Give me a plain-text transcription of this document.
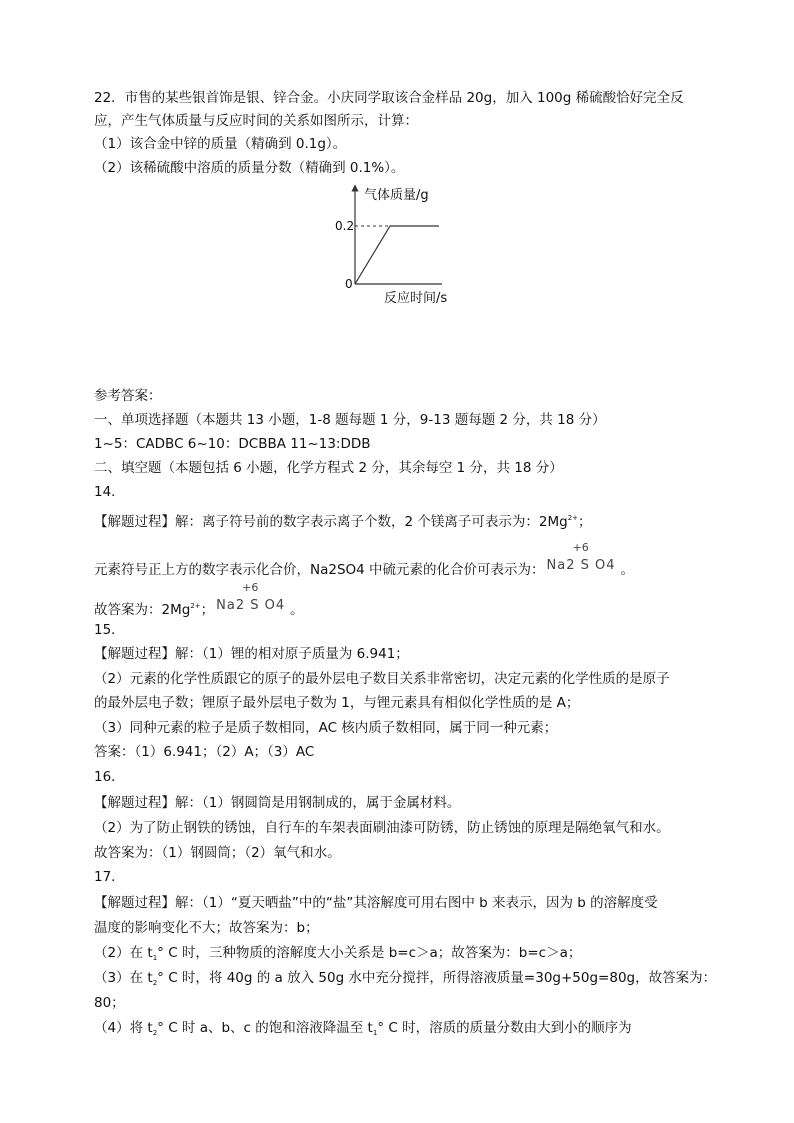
22．市售的某些银首饰是银、锌合金。小庆同学取该合金样品 20g，加入 100g 稀硫酸恰好完全反
应，产生气体质量与反应时间的关系如图所示，计算：
（1）该合金中锌的质量（精确到 0.1g）。
（2）该稀硫酸中溶质的质量分数（精确到 0.1%）。
气体质量/g
反应时间/s
0.2
0
参考答案：
一、单项选择题（本题共 13 小题，1-8 题每题 1 分，9-13 题每题 2 分，共 18 分）
1~5：CADBC 6~10：DCBBA 11~13:DDB
二、填空题（本题包括 6 小题，化学方程式 2 分，其余每空 1 分，共 18 分）
14．
【解题过程】解：离子符号前的数字表示离子个数，2 个镁离子可表示为：$2Mg^{2+}$；
元素符号正上方的数字表示化合价，Na2SO4 中硫元素的化合价可表示为：
+6
Na2 S O4 。
故答案为：$2Mg^{2+}$；
+6
Na2 S O4 。
15．
【解题过程】解：（1）锂的相对原子质量为 6.941；
（2）元素的化学性质跟它的原子的最外层电子数目关系非常密切，决定元素的化学性质的是原子
的最外层电子数；锂原子最外层电子数为 1，与锂元素具有相似化学性质的是 A；
（3）同种元素的粒子是质子数相同，AC 核内质子数相同，属于同一种元素；
答案：（1）6.941；（2）A；（3）AC
16．
【解题过程】解：（1）钢圆筒是用钢制成的，属于金属材料。
（2）为了防止钢铁的锈蚀，自行车的车架表面刷油漆可防锈，防止锈蚀的原理是隔绝氧气和水。
故答案为：（1）钢圆筒；（2）氧气和水。
17．
【解题过程】解：（1）“夏天晒盐”中的“盐”其溶解度可用右图中 b 来表示，因为 b 的溶解度受
温度的影响变化不大；故答案为：b；
（2）在 $t_1^\circ$ C 时，三种物质的溶解度大小关系是 b=c＞a；故答案为：b=c＞a；
（3）在 $t_2^\circ$ C 时，将 40g 的 a 放入 50g 水中充分搅拌，所得溶液质量=30g+50g=80g，故答案为：
80；
（4）将 $t_2^\circ$ C 时 a、b、c 的饱和溶液降温至 $t_1^\circ$ C 时，溶质的质量分数由大到小的顺序为
